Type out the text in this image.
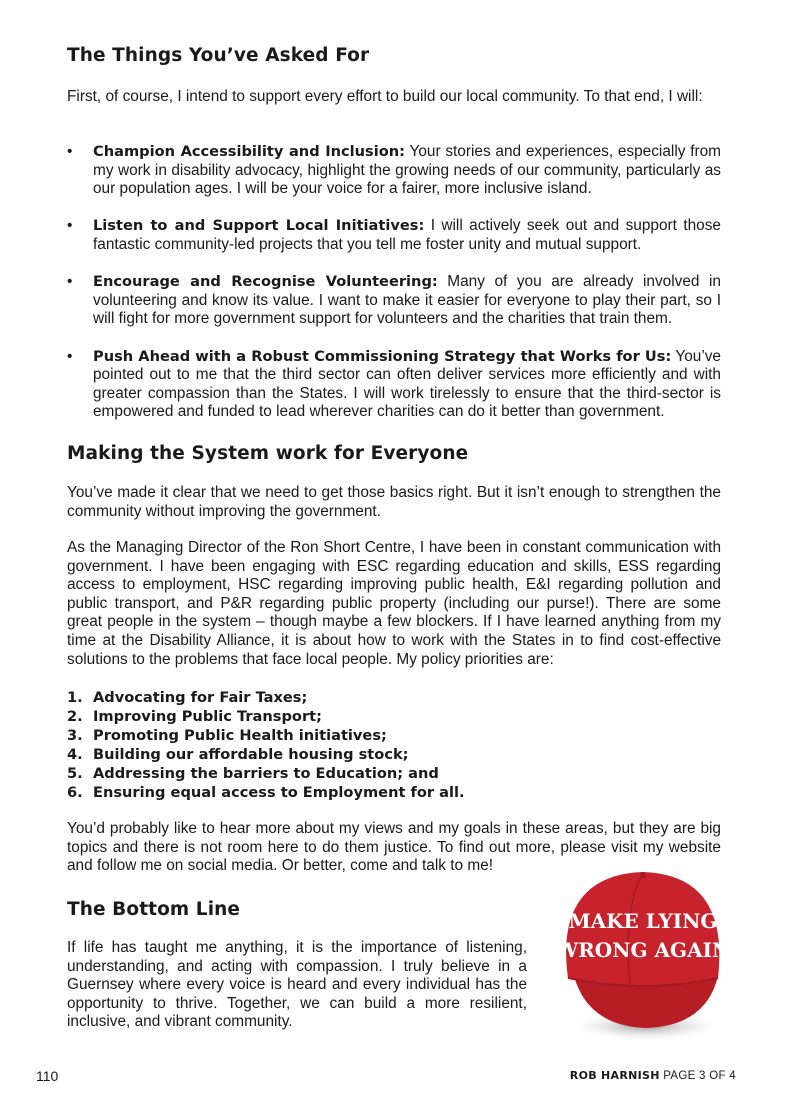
The Things You’ve Asked For

First, of course, I intend to support every effort to build our local community. To that end, I will:

• Champion Accessibility and Inclusion: Your stories and experiences, especially from my work in disability advocacy, highlight the growing needs of our community, particularly as our population ages. I will be your voice for a fairer, more inclusive island.
• Listen to and Support Local Initiatives: I will actively seek out and support those fantastic community-led projects that you tell me foster unity and mutual support.
• Encourage and Recognise Volunteering: Many of you are already involved in volunteering and know its value. I want to make it easier for everyone to play their part, so I will fight for more government support for volunteers and the charities that train them.
• Push Ahead with a Robust Commissioning Strategy that Works for Us: You’ve pointed out to me that the third sector can often deliver services more efficiently and with greater compassion than the States. I will work tirelessly to ensure that the third-sector is empowered and funded to lead wherever charities can do it better than government.
Making the System work for Everyone

You’ve made it clear that we need to get those basics right. But it isn’t enough to strengthen the community without improving the government.

As the Managing Director of the Ron Short Centre, I have been in constant communication with government. I have been engaging with ESC regarding education and skills, ESS regarding access to employment, HSC regarding improving public health, E&I regarding pollution and public transport, and P&R regarding public property (including our purse!). There are some great people in the system – though maybe a few blockers. If I have learned anything from my time at the Disability Alliance, it is about how to work with the States in to find cost-effective solutions to the problems that face local people. My policy priorities are:

1. Advocating for Fair Taxes;
2. Improving Public Transport;
3. Promoting Public Health initiatives;
4. Building our affordable housing stock;
5. Addressing the barriers to Education; and
6. Ensuring equal access to Employment for all.

You’d probably like to hear more about my views and my goals in these areas, but they are big topics and there is not room here to do them justice. To find out more, please visit my website and follow me on social media. Or better, come and talk to me!

The Bottom Line

If life has taught me anything, it is the importance of listening, understanding, and acting with compassion. I truly believe in a Guernsey where every voice is heard and every individual has the opportunity to thrive. Together, we can build a more resilient, inclusive, and vibrant community.

MAKE LYING
WRONG AGAIN
110	ROB HARNISH PAGE 3 OF 4
